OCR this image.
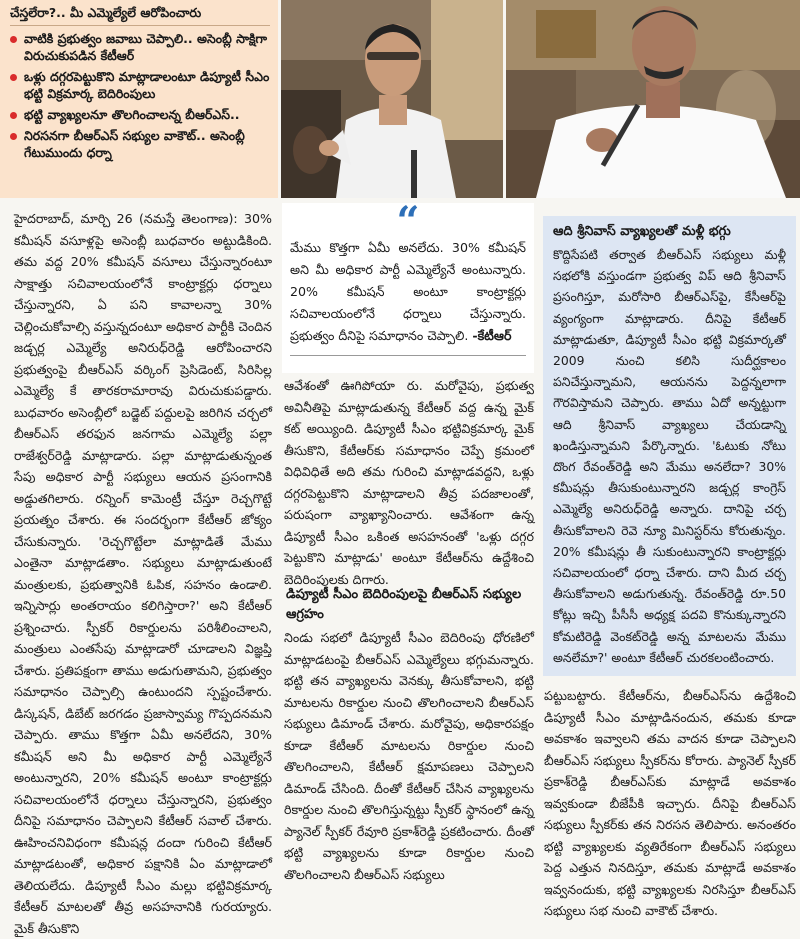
చేస్తలేరా?.. మీ ఎమ్మెల్యేలే ఆరోపించారు
వాటికి ప్రభుత్వం జవాబు చెప్పాలి.. అసెంబ్లీ సాక్షిగా విరుచుకుపడిన కేటీఆర్
ఒళ్లు దగ్గరపెట్టుకొని మాట్లాడాలంటూ డిప్యూటీ సీఎం భట్టి విక్రమార్క బెదిరింపులు
భట్టి వ్యాఖ్యలనూ తొలగించాలన్న బీఆర్ఎస్..
నిరసనగా బీఆర్ఎస్ సభ్యుల వాకౌట్.. అసెంబ్లీ గేటుముందు ధర్నా

హైదరాబాద్, మార్చి 26 (నమస్తే తెలంగాణ): 30% కమీషన్ వసూళ్లపై అసెంబ్లీ బుధవారం అట్టుడికింది. తమ వద్ద 20% కమీషన్ వసూలు చేస్తున్నారంటూ సాక్షాత్తు సచివాలయంలోనే కాంట్రాక్టర్లు ధర్నాలు చేస్తున్నారని, ఏ పని కావాలన్నా 30% చెల్లించుకోవాల్సి వస్తున్నదంటూ అధికార పార్టీకి చెందిన జడ్చర్ల ఎమ్మెల్యే అనిరుధ్‌రెడ్డి ఆరోపించారని ప్రభుత్వంపై బీఆర్ఎస్ వర్కింగ్ ప్రెసిడెంట్, సిరిసిల్ల ఎమ్మెల్యే కే తారకరామారావు విరుచుకుపడ్డారు. బుధవారం అసెంబ్లీలో బడ్జెట్ పద్దులపై జరిగిన చర్చలో బీఆర్ఎస్ తరఫున జనగామ ఎమ్మెల్యే పల్లా రాజేశ్వర్‌రెడ్డి మాట్లాడారు. పల్లా మాట్లాడుతున్నంత సేపు అధికార పార్టీ సభ్యులు ఆయన ప్రసంగానికి అడ్డుతగిలారు. రన్నింగ్ కామెంట్రీ చేస్తూ రెచ్చగొట్టే ప్రయత్నం చేశారు. ఈ సందర్భంగా కేటీఆర్ జోక్యం చేసుకున్నారు. 'రెచ్చగొట్టేలా మాట్లాడితే మేము ఎంతైనా మాట్లాడతాం. సభ్యులు మాట్లాడుతుంటే మంత్రులకు, ప్రభుత్వానికి ఓపిక, సహనం ఉండాలి. ఇన్నిసార్లు అంతరాయం కలిగిస్తారా?' అని కేటీఆర్ ప్రశ్నించారు. స్పీకర్ రికార్డులను పరిశీలించాలని, మంత్రులు ఎంతసేపు మాట్లాడారో చూడాలని విజ్ఞప్తి చేశారు. ప్రతిపక్షంగా తాము అడుగుతామని, ప్రభుత్వం సమాధానం చెప్పాల్సి ఉంటుందని స్పష్టంచేశారు. డిస్కషన్, డిబేట్ జరగడం ప్రజాస్వామ్య గొప్పదనమని చెప్పారు. తాము కొత్తగా ఏమీ అనలేదని, 30% కమీషన్ అని మీ అధికార పార్టీ ఎమ్మెల్యేనే అంటున్నారని, 20% కమీషన్ అంటూ కాంట్రాక్టర్లు సచివాలయంలోనే ధర్నాలు చేస్తున్నారని, ప్రభుత్వం దీనిపై సమాధానం చెప్పాలని కేటీఆర్ సవాల్ చేశారు. ఊహించనివిధంగా కమీషన్ల దందా గురించి కేటీఆర్ మాట్లాడటంతో, అధికార పక్షానికి ఏం మాట్లాడాలో తెలియలేదు. డిప్యూటీ సీఎం మల్లు భట్టివిక్రమార్క కేటీఆర్ మాటలతో తీవ్ర అసహనానికి గురయ్యారు. మైక్ తీసుకొని

“

మేము కొత్తగా ఏమీ అనలేదు. 30% కమీషన్ అని మీ అధికార పార్టీ ఎమ్మెల్యేనే అంటున్నారు. 20% కమీషన్ అంటూ కాంట్రాక్టర్లు సచివాలయంలోనే ధర్నాలు చేస్తున్నారు. ప్రభుత్వం దీనిపై సమాధానం చెప్పాలి. -కేటీఆర్

ఆవేశంతో ఊగిపోయా రు. మరోవైపు, ప్రభుత్వ అవినీతిపై మాట్లాడుతున్న కేటీఆర్ వద్ద ఉన్న మైక్ కట్ అయ్యింది. డిప్యూటీ సీఎం భట్టివిక్రమార్క మైక్ తీసుకొని, కేటీఆర్‌కు సమాధానం చెప్పే క్రమంలో విధివిధితే అది తమ గురించి మాట్లాడవద్దని, ఒళ్లు దగ్గరపెట్టుకొని మాట్లాడాలని తీవ్ర పదజాలంతో, పరుషంగా వ్యాఖ్యానించారు. ఆవేశంగా ఉన్న డిప్యూటీ సీఎం ఒకింత అసహనంతో 'ఒళ్లు దగ్గర పెట్టుకొని మాట్లాడు' అంటూ కేటీఆర్‌ను ఉద్దేశించి బెదిరింపులకు దిగారు.

డిప్యూటీ సీఎం బెదిరింపులపై బీఆర్ఎస్ సభ్యుల ఆగ్రహం

నిండు సభలో డిప్యూటీ సీఎం బెదిరింపు ధోరణిలో మాట్లాడటంపై బీఆర్ఎస్ ఎమ్మెల్యేలు భగ్గుమన్నారు. భట్టి తన వ్యాఖ్యలను వెనక్కు తీసుకోవాలని, భట్టి మాటలను రికార్డుల నుంచి తొలగించాలని బీఆర్ఎస్ సభ్యులు డిమాండ్ చేశారు. మరోవైపు, అధికారపక్షం కూడా కేటీఆర్ మాటలను రికార్డుల నుంచి తొలగించాలని, కేటీఆర్ క్షమాపణలు చెప్పాలని డిమాండ్ చేసింది. దీంతో కేటీఆర్ చేసిన వ్యాఖ్యలను రికార్డుల నుంచి తొలగిస్తున్నట్టు స్పీకర్ స్థానంలో ఉన్న ప్యానెల్ స్పీకర్ రేవూరి ప్రకాశ్‌రెడ్డి ప్రకటించారు. దీంతో భట్టి వ్యాఖ్యలను కూడా రికార్డుల నుంచి తొలగించాలని బీఆర్ఎస్ సభ్యులు

ఆది శ్రీనివాస్ వ్యాఖ్యలతో మళ్లీ భగ్గు

కొద్దిసేపటి తర్వాత బీఆర్ఎస్ సభ్యులు మళ్లీ సభలోకి వస్తుండగా ప్రభుత్వ విప్ ఆది శ్రీనివాస్ ప్రసంగిస్తూ, మరోసారి బీఆర్ఎస్‌పై, కేసీఆర్‌పై వ్యంగ్యంగా మాట్లాడారు. దీనిపై కేటీఆర్ మాట్లాడుతూ, డిప్యూటీ సీఎం భట్టి విక్రమార్కతో 2009 నుంచి కలిసి సుదీర్ఘకాలం పనిచేస్తున్నామని, ఆయనను పెద్దన్నలాగా గౌరవిస్తామని చెప్పారు. తాము ఏదో అన్నట్టుగా ఆది శ్రీనివాస్ వ్యాఖ్యలు చేయడాన్ని ఖండిస్తున్నామని పేర్కొన్నారు. 'ఓటుకు నోటు దొంగ రేవంత్‌రెడ్డి అని మేము అనలేదా? 30% కమీషన్లు తీసుకుంటున్నారని జడ్చర్ల కాంగ్రెస్ ఎమ్మెల్యే అనిరుధ్‌రెడ్డి అన్నారు. దానిపై చర్చ తీసుకోవాలని రెవె న్యూ మినిస్టర్‌ను కోరుతున్నం. 20% కమీషన్లు తీ సుకుంటున్నారని కాంట్రాక్టర్లు సచివాలయంలో ధర్నా చేశారు. దాని మీద చర్చ తీసుకోవాలని అడుగుతున్న. రేవంత్‌రెడ్డి రూ.50 కోట్లు ఇచ్చి పీసీసీ అధ్యక్ష పదవి కొనుక్కున్నారని కోమటిరెడ్డి వెంకట్‌రెడ్డి అన్న మాటలను మేము అనలేమా?' అంటూ కేటీఆర్ చురకలంటించారు.

పట్టుబట్టారు. కేటీఆర్‌ను, బీఆర్ఎస్‌ను ఉద్దేశించి డిప్యూటీ సీఎం మాట్లాడినందున, తమకు కూడా అవకాశం ఇవ్వాలని తమ వాదన కూడా చెప్పాలని బీఆర్ఎస్ సభ్యులు స్పీకర్‌ను కోరారు. ప్యానెల్ స్పీకర్ ప్రకాశ్‌రెడ్డి బీఆర్ఎస్‌కు మాట్లాడే అవకాశం ఇవ్వకుండా బీజేపీకి ఇచ్చారు. దీనిపై బీఆర్ఎస్ సభ్యులు స్పీకర్‌కు తన నిరసన తెలిపారు. అనంతరం భట్టి వ్యాఖ్యలకు వ్యతిరేకంగా బీఆర్ఎస్ సభ్యులు పెద్ద ఎత్తున నినదిస్తూ, తమకు మాట్లాడే అవకాశం ఇవ్వనందుకు, భట్టి వ్యాఖ్యలకు నిరసిస్తూ బీఆర్ఎస్ సభ్యులు సభ నుంచి వాకౌట్ చేశారు.
